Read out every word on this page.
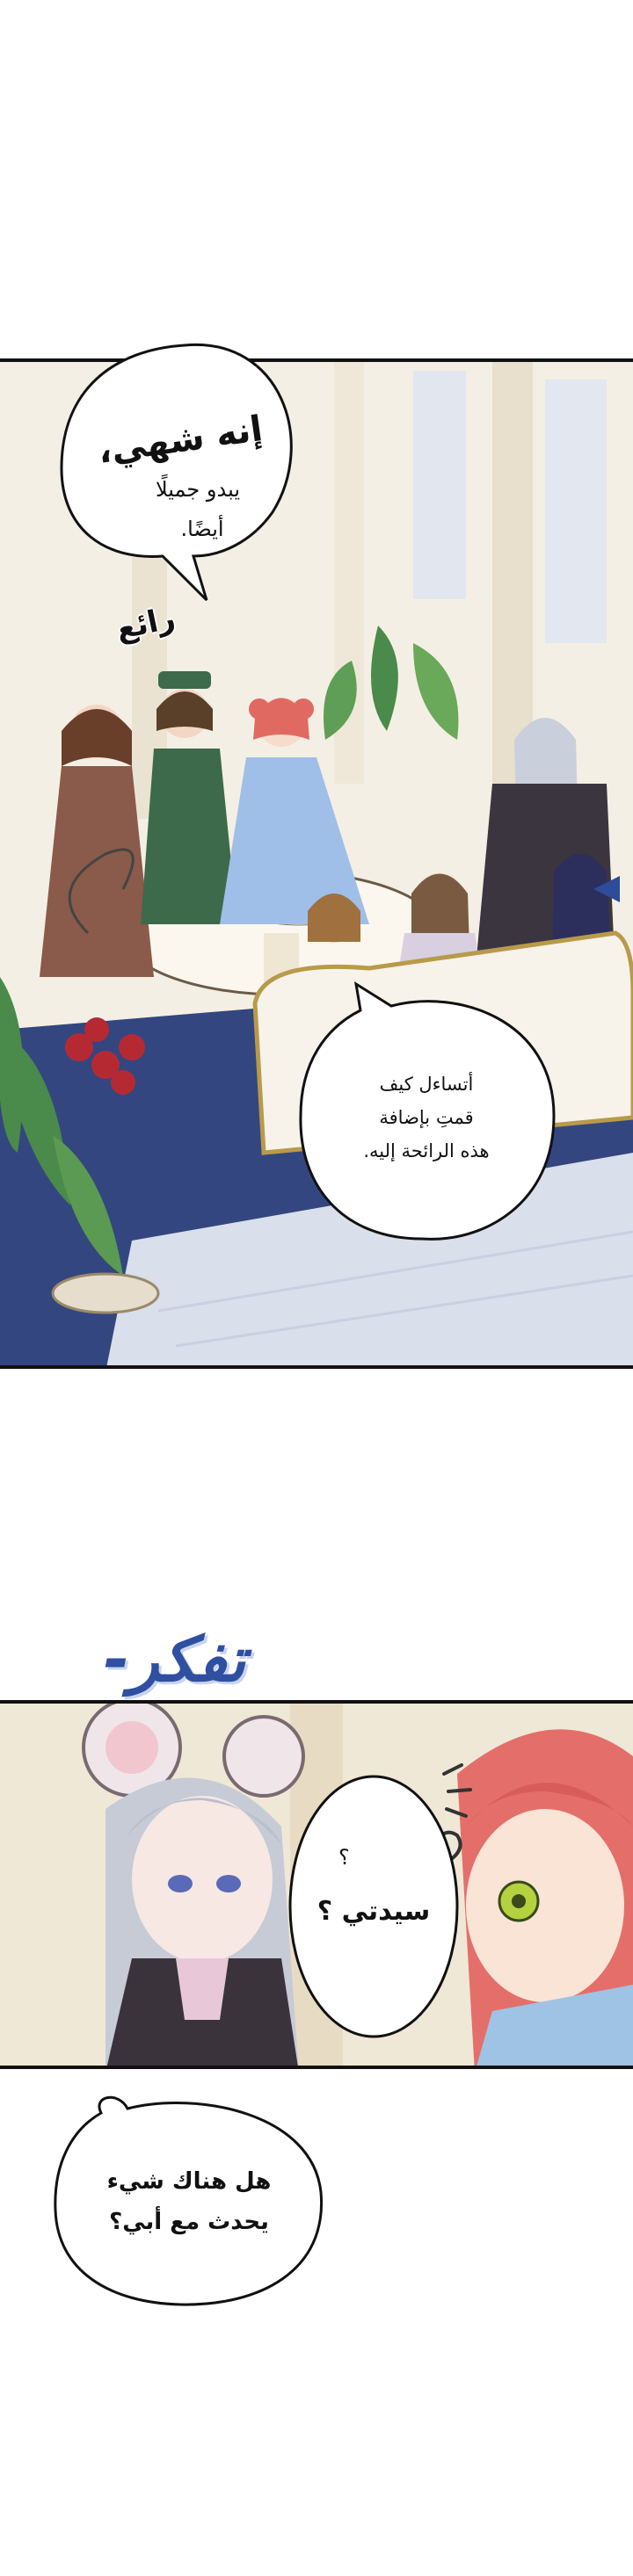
رائع
تفكر-
إنه شهي،
يبدو جميلًا
أيضًا.
أتساءل كيف
قمتِ بإضافة
هذه الرائحة إليه.
؟
سيدتي ؟
هل هناك شيء
يحدث مع أبي؟
